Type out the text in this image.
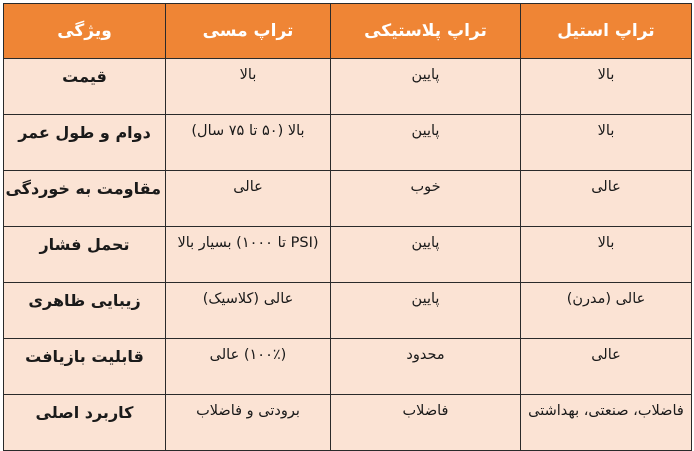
تراپ استیل	تراپ پلاستیکی	تراپ مسی	ویژگی
بالا	پایین	بالا	قیمت
بالا	پایین	بالا (۵۰ تا ۷۵ سال)	دوام و طول عمر
عالی	خوب	عالی	مقاومت به خوردگی
بالا	پایین	(PSI تا ۱۰۰۰) بسیار بالا	تحمل فشار
عالی (مدرن)	پایین	عالی (کلاسیک)	زیبایی ظاهری
عالی	محدود	(۱۰۰٪) عالی	قابلیت بازیافت
فاضلاب، صنعتی، بهداشتی	فاضلاب	برودتی و فاضلاب	کاربرد اصلی
